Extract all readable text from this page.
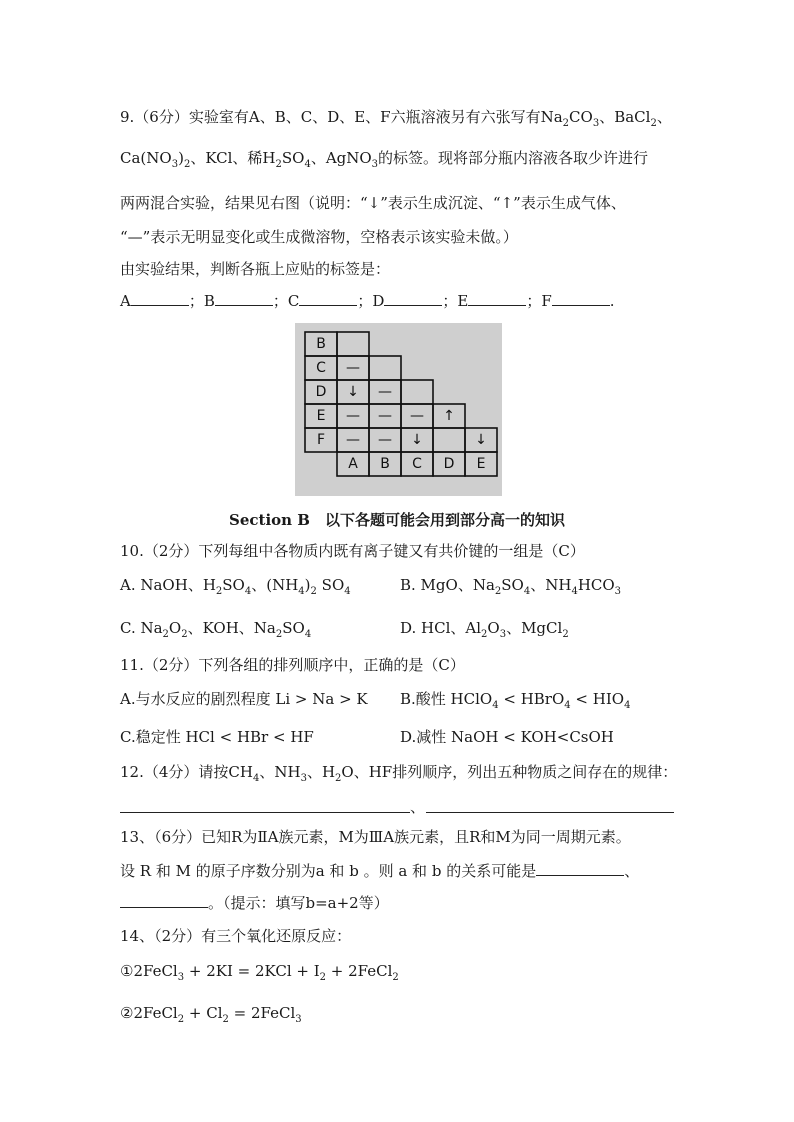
9.（6分）实验室有A、B、C、D、E、F六瓶溶液另有六张写有$Na_2CO_3$、BaCl$_2$、
$Ca(NO_3)_2$、KCl、稀$H_2SO_4$、AgNO$_3$的标签。现将部分瓶内溶液各取少许进行
两两混合实验，结果见右图（说明：“↓”表示生成沉淀、“↑”表示生成气体、
“—”表示无明显变化或生成微溶物，空格表示该实验未做。）
由实验结果，判断各瓶上应贴的标签是：
A	；B	；C	；D	；E	；F	.
B
C —
D ↓ —
E — — — ↑
F — — ↓	↓
A B C D E
Section B　以下各题可能会用到部分高一的知识
10.（2分）下列每组中各物质内既有离子键又有共价键的一组是（C）
A. NaOH、$H_2SO_4$、$(NH_4)_2$ $SO_4$	B. MgO、$Na_2SO_4$、$NH_4HCO_3$
C. $Na_2O_2$、KOH、$Na_2SO_4$	D. HCl、$Al_2O_3$、MgCl$_2$
11.（2分）下列各组的排列顺序中，正确的是（C）
A.与水反应的剧烈程度 Li > Na > K B.酸性 HClO$_4$ < HBrO$_4$ < $HIO_4$
C.稳定性 HCl < HBr < HF	D.减性 NaOH < KOH<CsOH
12.（4分）请按$CH_4$、$NH_3$、$H_2O$、HF排列顺序，列出五种物质之间存在的规律：
、
13、（6分）已知R为ⅡA族元素，M为ⅢA族元素，且R和M为同一周期元素。
设 R 和 M 的原子序数分别为a 和 b 。则 a 和 b 的关系可能是	、
。（提示：填写b=a+2等）
14、（2分）有三个氧化还原反应：
①2FeCl$_3$ + $2KI = 2KCl + I_2$ + 2FeCl$_2$
②2FeCl$_2$ + $Cl_2$ = 2FeCl$_3$
